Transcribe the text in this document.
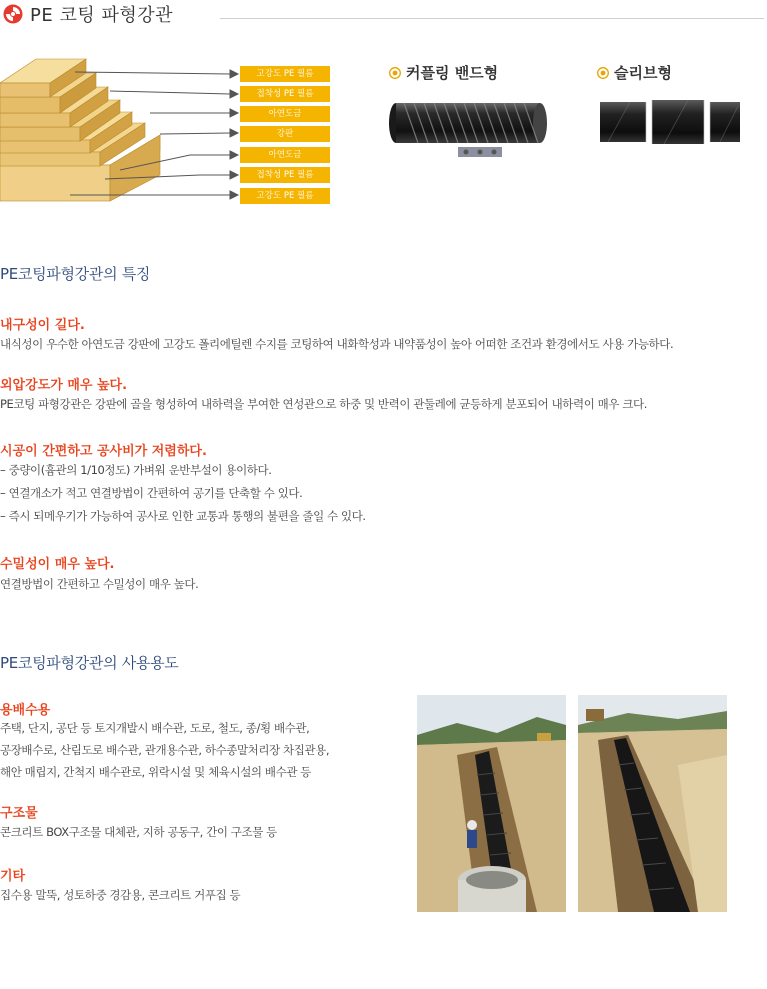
PE 코팅 파형강관
고강도 PE 필름
접착성 PE 필름
아연도금
강판
아연도금
접착성 PE 필름
고강도 PE 필름
커플링 밴드형	슬리브형
PE코팅파형강관의 특징
내구성이 길다.
내식성이 우수한 아연도금 강판에 고강도 폴리에틸렌 수지를 코팅하여 내화학성과 내약품성이 높아 어떠한 조건과 환경에서도 사용 가능하다.
외압강도가 매우 높다.
PE코팅 파형강관은 강판에 골을 형성하여 내하력을 부여한 연성관으로 하중 및 반력이 관둘레에 균등하게 분포되어 내하력이 매우 크다.
시공이 간편하고 공사비가 저렴하다.
– 중량이(흄관의 1/10정도) 가벼워 운반부설이 용이하다.
– 연결개소가 적고 연결방법이 간편하여 공기를 단축할 수 있다.
– 즉시 되메우기가 가능하여 공사로 인한 교통과 통행의 불편을 줄일 수 있다.
수밀성이 매우 높다.
연결방법이 간편하고 수밀성이 매우 높다.
PE코팅파형강관의 사용용도
용배수용
주택, 단지, 공단 등 토지개발시 배수관, 도로, 철도, 종/횡 배수관,
공장배수로, 산림도로 배수관, 관개용수관, 하수종말처리장 차집관용,
해안 매립지, 간척지 배수관로, 위락시설 및 체육시설의 배수관 등
구조물
콘크리트 BOX구조물 대체관, 지하 공동구, 간이 구조물 등
기타
집수용 말뚝, 성토하중 경감용, 콘크리트 거푸집 등
